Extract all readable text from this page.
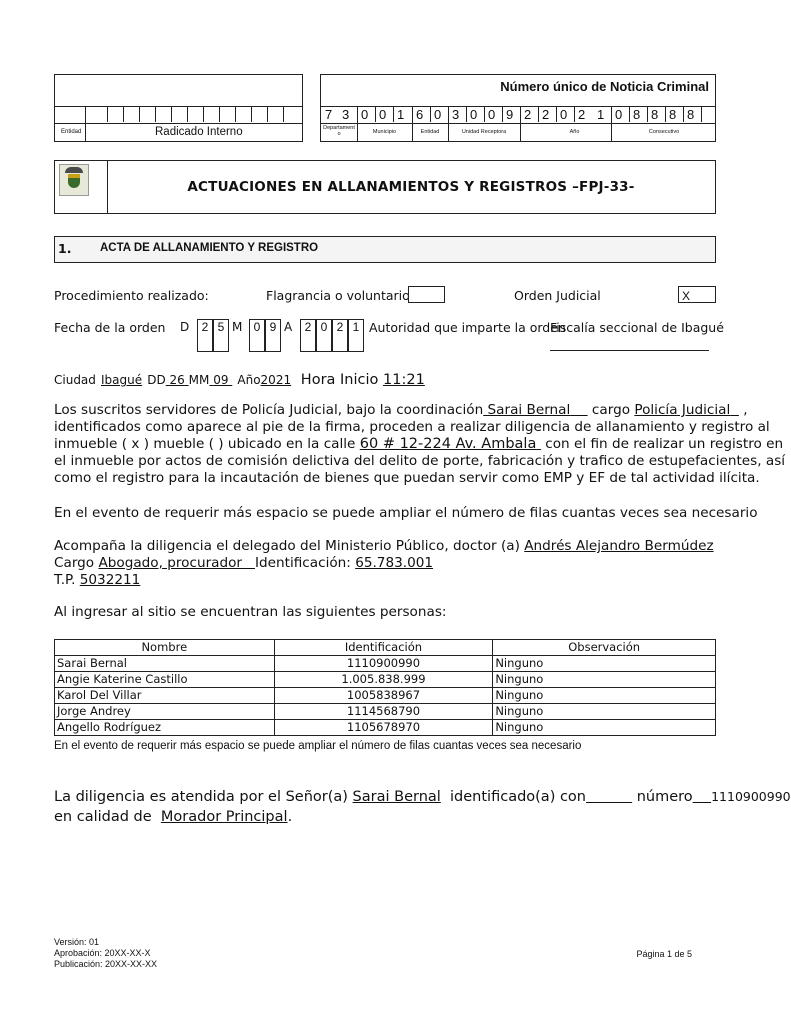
Entidad	Radicado Interno
Número único de Noticia Criminal
7 3 0 0 1 6 0 3 0 0 9 2 2 0 2 1 0 8 8 8 8
Departament o	Municipio	Entidad	Unidad Receptora	Año	Consecutivo
ACTUACIONES EN ALLANAMIENTOS Y REGISTROS –FPJ-33-
1. ACTA DE ALLANAMIENTO Y REGISTRO
Procedimiento realizado:	Flagrancia o voluntario	Orden Judicial	X
Fecha de la orden D	2 5 M 0 9 A	2 0 2 1 Autoridad que imparte la orden
Fiscalía seccional de Ibagué
Ciudad Ibagué DD 26 MM 09 Año2021 Hora Inicio 11:21
Los suscritos servidores de Policía Judicial, bajo la coordinación Sarai Bernal cargo Policía Judicial ,
identificados como aparece al pie de la firma, proceden a realizar diligencia de allanamiento y registro al
inmueble ( x ) mueble ( ) ubicado en la calle 60 # 12-224 Av. Ambala con el fin de realizar un registro en
el inmueble por actos de comisión delictiva del delito de porte, fabricación y trafico de estupefacientes, así
como el registro para la incautación de bienes que puedan servir como EMP y EF de tal actividad ilícita.
En el evento de requerir más espacio se puede ampliar el número de filas cuantas veces sea necesario
Acompaña la diligencia el delegado del Ministerio Público, doctor (a) Andrés Alejandro Bermúdez
Cargo Abogado, procurador Identificación: 65.783.001
T.P. 5032211
Al ingresar al sitio se encuentran las siguientes personas:
Nombre	Identificación	Observación
Sarai Bernal	1110900990	Ninguno
Angie Katerine Castillo	1.005.838.999	Ninguno
Karol Del Villar	1005838967	Ninguno
Jorge Andrey	1114568790	Ninguno
Angello Rodríguez	1105678970	Ninguno
En el evento de requerir más espacio se puede ampliar el número de filas cuantas veces sea necesario
La diligencia es atendida por el Señor(a) Sarai Bernal identificado(a) con	número 1110900990
en calidad de Morador Principal.
Versión: 01
Aprobación: 20XX-XX-X
Publicación: 20XX-XX-XX
Página 1 de 5
